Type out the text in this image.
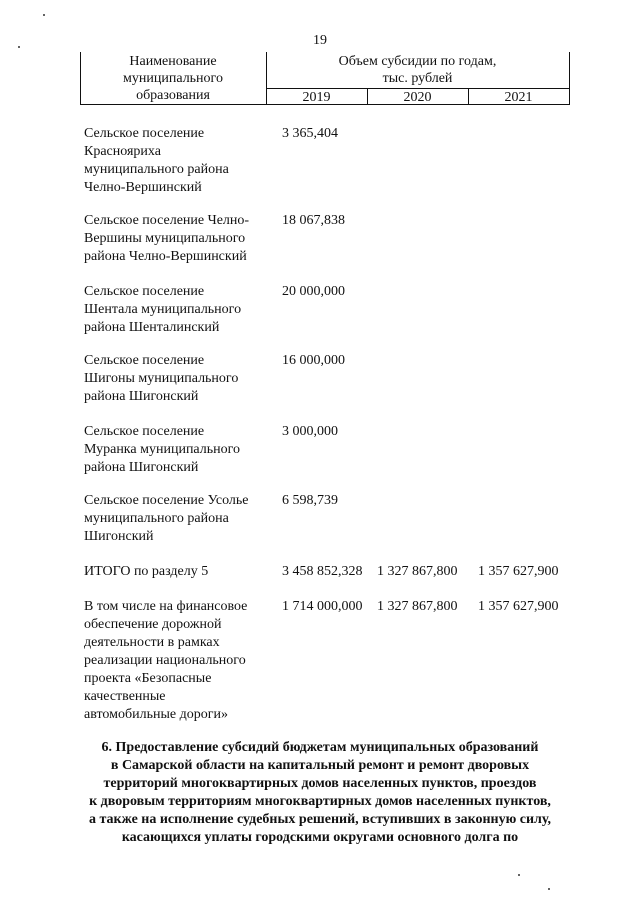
19
Наименование
муниципального
образования
Объем субсидии по годам,
тыс. рублей
2019	2020	2021
Сельское поселение
Краснояриха
муниципального района
Челно-Вершинский
3 365,404
Сельское поселение Челно-
Вершины муниципального
района Челно-Вершинский
18 067,838
Сельское поселение
Шентала муниципального
района Шенталинский
20 000,000
Сельское поселение
Шигоны муниципального
района Шигонский
16 000,000
Сельское поселение
Муранка муниципального
района Шигонский
3 000,000
Сельское поселение Усолье
муниципального района
Шигонский
6 598,739
ИТОГО по разделу 5	3 458 852,328 1 327 867,800 1 357 627,900
В том числе на финансовое
обеспечение дорожной
деятельности в рамках
реализации национального
проекта «Безопасные
качественные
автомобильные дороги»
1 714 000,000 1 327 867,800 1 357 627,900
6. Предоставление субсидий бюджетам муниципальных образований
в Самарской области на капитальный ремонт и ремонт дворовых
территорий многоквартирных домов населенных пунктов, проездов
к дворовым территориям многоквартирных домов населенных пунктов,
а также на исполнение судебных решений, вступивших в законную силу,
касающихся уплаты городскими округами основного долга по
